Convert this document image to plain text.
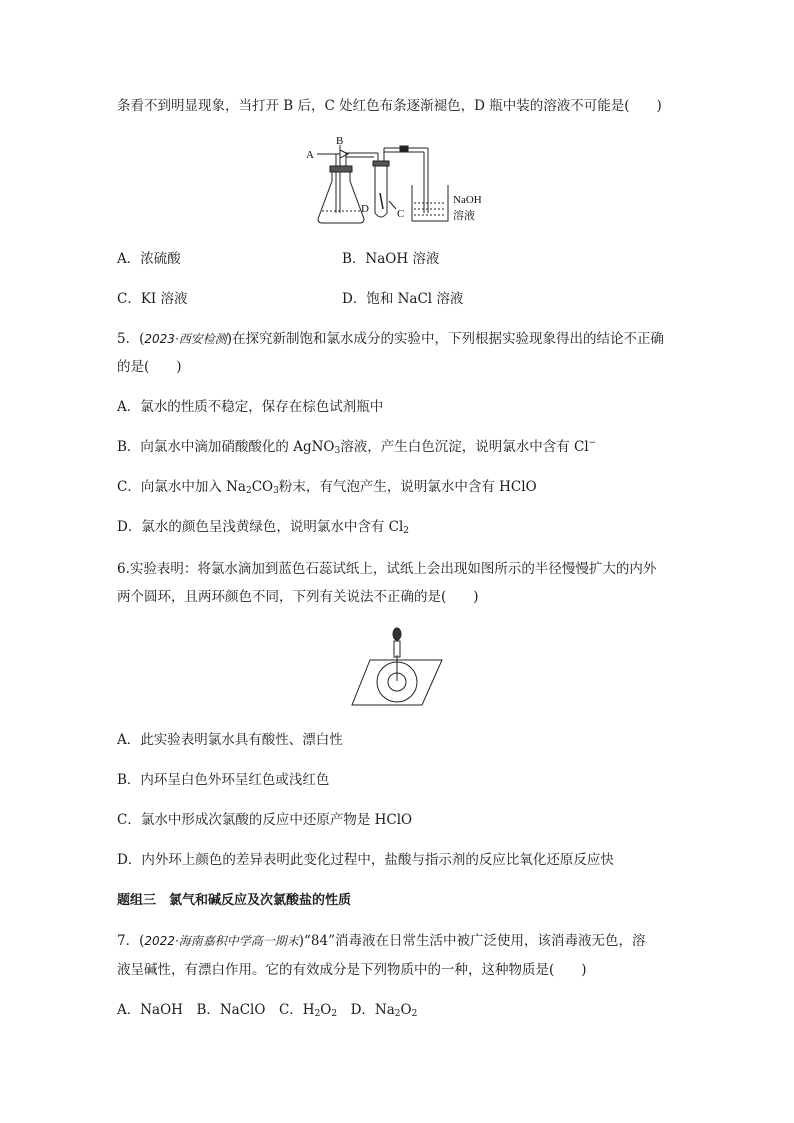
条看不到明显现象，当打开 B 后，C 处红色布条逐渐褪色，D 瓶中装的溶液不可能是(　　)
A
B
C
D
NaOH
溶液
A．浓硫酸	B．NaOH 溶液
C．KI 溶液	D．饱和 NaCl 溶液
5．(2023·西安检测)在探究新制饱和氯水成分的实验中，下列根据实验现象得出的结论不正确
的是(　　)
A．氯水的性质不稳定，保存在棕色试剂瓶中
B．向氯水中滴加硝酸酸化的 AgNO$_3$溶液，产生白色沉淀，说明氯水中含有 Cl−
C．向氯水中加入 $Na_2CO_3$粉末，有气泡产生，说明氯水中含有 HClO
D．氯水的颜色呈浅黄绿色，说明氯水中含有 $Cl_2$
6.实验表明：将氯水滴加到蓝色石蕊试纸上，试纸上会出现如图所示的半径慢慢扩大的内外
两个圆环，且两环颜色不同，下列有关说法不正确的是(　　)
A．此实验表明氯水具有酸性、漂白性
B．内环呈白色外环呈红色或浅红色
C．氯水中形成次氯酸的反应中还原产物是 HClO
D．内外环上颜色的差异表明此变化过程中，盐酸与指示剂的反应比氧化还原反应快
题组三　氯气和碱反应及次氯酸盐的性质
7．(2022·海南嘉积中学高一期末)“84”消毒液在日常生活中被广泛使用，该消毒液无色，溶
液呈碱性，有漂白作用。它的有效成分是下列物质中的一种，这种物质是(　　)
A．NaOH　B．NaClO　C．$H_2O_2$　D．$Na_2O_2$
